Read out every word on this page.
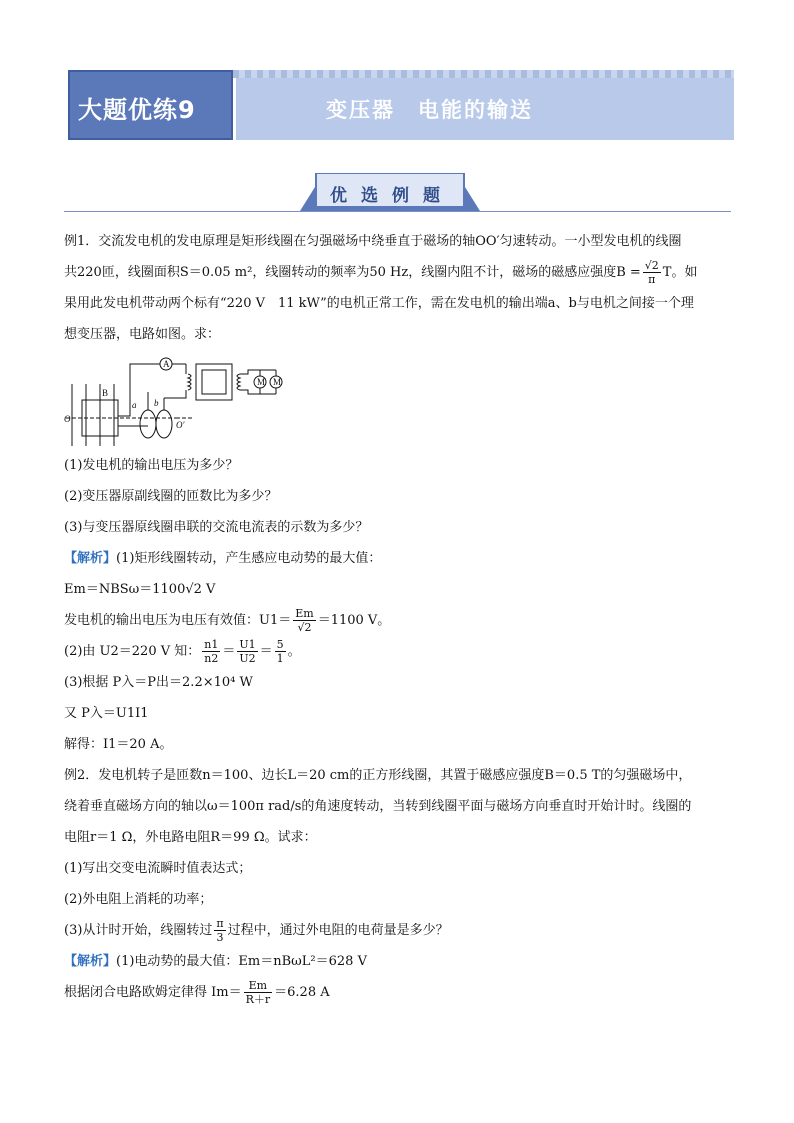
大题优练9	变压器　电能的输送
优选例题

例1．交流发电机的发电原理是矩形线圈在匀强磁场中绕垂直于磁场的轴OO′匀速转动。一小型发电机的线圈

共220匝，线圈面积S＝0.05 m²，线圈转动的频率为50 Hz，线圈内阻不计，磁场的磁感应强度$B = \frac{√2}{\pi}$ T。如

果用此发电机带动两个标有“220 V　11 kW”的电机正常工作，需在发电机的输出端a、b与电机之间接一个理

想变压器，电路如图。求：

A
M M
B
a b
O
O′

(1)发电机的输出电压为多少？

(2)变压器原副线圈的匝数比为多少？

(3)与变压器原线圈串联的交流电流表的示数为多少？

【解析】(1)矩形线圈转动，产生感应电动势的最大值：

Em＝NBSω＝1100√2 V

发电机的输出电压为电压有效值：$U1= \frac{Em}{√2} =1100$ V。

(2)由 U2＝220 V 知： $\frac{n1}{n2} = \frac{U1}{U2} = \frac{5}{1}$ 。

(3)根据 P入＝P出＝2.2×10⁴ W

又 P入＝U1I1

解得：I1＝20 A。

例2．发电机转子是匝数n＝100、边长L＝20 cm的正方形线圈，其置于磁感应强度B＝0.5 T的匀强磁场中，

绕着垂直磁场方向的轴以ω＝100π rad/s的角速度转动，当转到线圈平面与磁场方向垂直时开始计时。线圈的

电阻r＝1 Ω，外电路电阻R＝99 Ω。试求：

(1)写出交变电流瞬时值表达式；

(2)外电阻上消耗的功率；

(3)从计时开始，线圈转过 $\frac{\pi}{3}$ 过程中，通过外电阻的电荷量是多少？

【解析】(1)电动势的最大值：Em＝nBωL²＝628 V

根据闭合电路欧姆定律得 $Im= \frac{Em}{R+r} =6.28$ A
